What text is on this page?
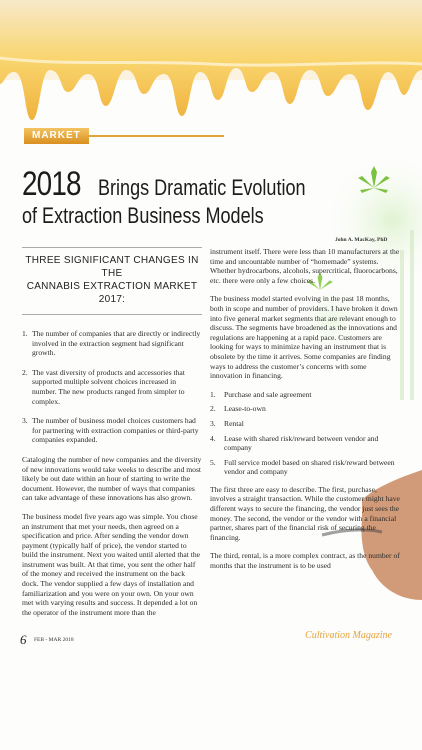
MARKET
2018 Brings Dramatic Evolution
of Extraction Business Models
John A. MacKay, PhD
THREE SIGNIFICANT CHANGES IN THE
CANNABIS EXTRACTION MARKET 2017:
1. The number of companies that are directly or indirectly involved in the extraction segment had significant growth.
2. The vast diversity of products and accessories that supported multiple solvent choices increased in number. The new products ranged from simpler to complex.
3. The number of business model choices customers had for partnering with extraction companies or third-party companies expanded.

Cataloging the number of new companies and the diversity of new innovations would take weeks to describe and most likely be out date within an hour of starting to write the document. However, the number of ways that companies can take advantage of these innovations has also grown.

The business model five years ago was simple. You chose an instrument that met your needs, then agreed on a specification and price. After sending the vendor down payment (typically half of price), the vendor started to build the instrument. Next you waited until alerted that the instrument was built. At that time, you sent the other half of the money and received the instrument on the back dock. The vendor supplied a few days of installation and familiarization and you were on your own. On your own met with varying results and success. It depended a lot on the operator of the instrument more than the

instrument itself. There were less than 10 manufacturers at the time and uncountable number of “homemade” systems. Whether hydrocarbons, alcohols, supercritical, fluorocarbons, etc. there were only a few choices.

The business model started evolving in the past 18 months, both in scope and number of providers. I have broken it down into five general market segments that are relevant enough to discuss. The segments have broadened as the innovations and regulations are happening at a rapid pace. Customers are looking for ways to minimize having an instrument that is obsolete by the time it arrives. Some companies are finding ways to address the customer’s concerns with some innovation in financing.

1.	Purchase and sale agreement
2.	Lease-to-own
3.	Rental
4.	Lease with shared risk/reward between vendor and company
5.	Full service model based on shared risk/reward between vendor and company

The first three are easy to describe. The first, purchase, involves a straight transaction. While the customer might have different ways to secure the financing, the vendor just sees the money. The second, the vendor or the vendor with a financial partner, shares part of the financial risk of securing the financing.

The third, rental, is a more complex contract, as the number of months that the instrument is to be used

6 FEB - MAR 2018	Cultivation Magazine
